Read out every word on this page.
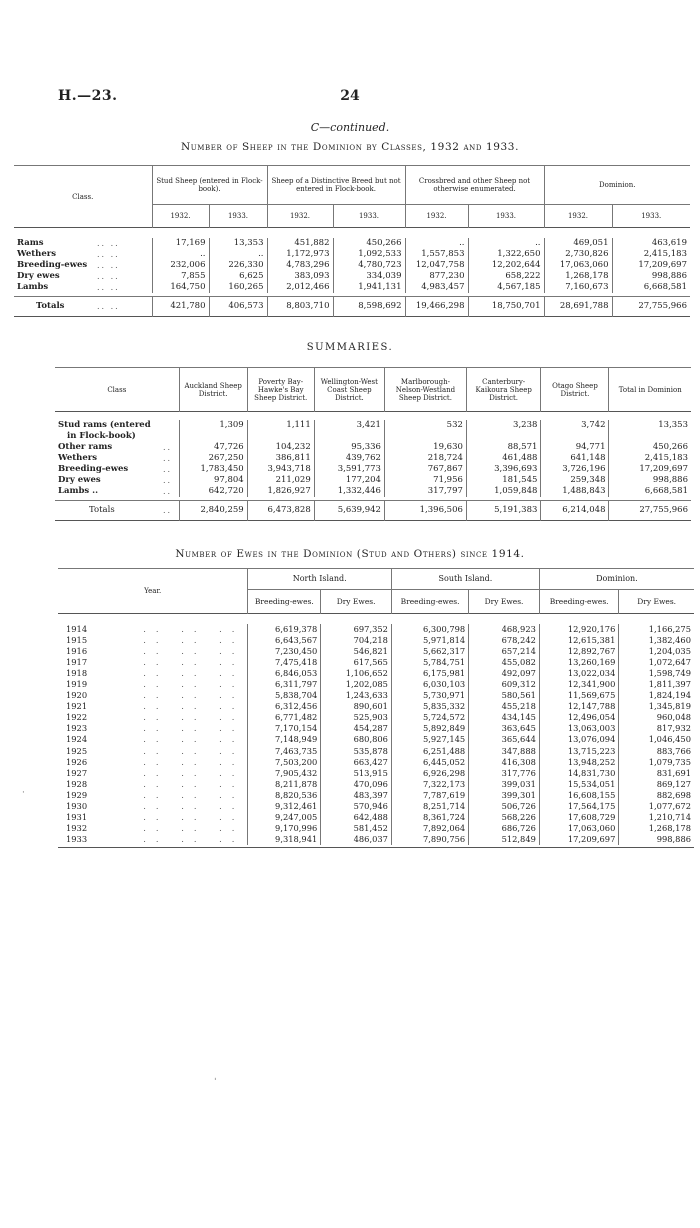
H.—23.	24
C—continued.
Number of Sheep in the Dominion by Classes, 1932 and 1933.
Class.		Stud Sheep (entered in Flock-book).		Sheep of a Distinctive Breed but not entered in Flock-book.		Crossbred and other Sheep not otherwise enumerated.		Dominion.	
		1932.	1933.	1932.	1933.	1932.	1933.	1932.	1933.

Rams	.. ..	17,169	13,353	451,882	450,266	..	..	469,051	463,619
Wethers	.. ..	..	..	1,172,973	1,092,533	1,557,853	1,322,650	2,730,826	2,415,183
Breeding-ewes	.. ..	232,006	226,330	4,783,296	4,780,723	12,047,758	12,202,644	17,063,060	17,209,697
Dry ewes	.. ..	7,855	6,625	383,093	334,039	877,230	658,222	1,268,178	998,886
Lambs	.. ..	164,750	160,265	2,012,466	1,941,131	4,983,457	4,567,185	7,160,673	6,668,581

Totals	.. ..	421,780	406,573	8,803,710	8,598,692	19,466,298	18,750,701	28,691,788	27,755,966
SUMMARIES.
Class		Auckland Sheep District.	Poverty Bay-Hawke's Bay Sheep District.	Wellington-West Coast Sheep District.	Marlborough-Nelson-Westland Sheep District.	Canterbury-Kaikoura Sheep District.	Otago Sheep District.	Total in Dominion

Stud rams (entered		1,309	1,111	3,421	532	3,238	3,742	13,353
in Flock-book)								
Other rams	..	47,726	104,232	95,336	19,630	88,571	94,771	450,266
Wethers	..	267,250	386,811	439,762	218,724	461,488	641,148	2,415,183
Breeding-ewes	..	1,783,450	3,943,718	3,591,773	767,867	3,396,693	3,726,196	17,209,697
Dry ewes	..	97,804	211,029	177,204	71,956	181,545	259,348	998,886
Lambs ..	..	642,720	1,826,927	1,332,446	317,797	1,059,848	1,488,843	6,668,581

Totals	..	2,840,259	6,473,828	5,639,942	1,396,506	5,191,383	6,214,048	27,755,966
Number of Ewes in the Dominion (Stud and Others) since 1914.
Year.		North Island.		South Island.		Dominion.	
		Breeding-ewes.	Dry Ewes.	Breeding-ewes.	Dry Ewes.	Breeding-ewes.	Dry Ewes.

1914	.. .. ..	6,619,378	697,352	6,300,798	468,923	12,920,176	1,166,275
1915	.. .. ..	6,643,567	704,218	5,971,814	678,242	12,615,381	1,382,460
1916	.. .. ..	7,230,450	546,821	5,662,317	657,214	12,892,767	1,204,035
1917	.. .. ..	7,475,418	617,565	5,784,751	455,082	13,260,169	1,072,647
1918	.. .. ..	6,846,053	1,106,652	6,175,981	492,097	13,022,034	1,598,749
1919	.. .. ..	6,311,797	1,202,085	6,030,103	609,312	12,341,900	1,811,397
1920	.. .. ..	5,838,704	1,243,633	5,730,971	580,561	11,569,675	1,824,194
1921	.. .. ..	6,312,456	890,601	5,835,332	455,218	12,147,788	1,345,819
1922	.. .. ..	6,771,482	525,903	5,724,572	434,145	12,496,054	960,048
1923	.. .. ..	7,170,154	454,287	5,892,849	363,645	13,063,003	817,932
1924	.. .. ..	7,148,949	680,806	5,927,145	365,644	13,076,094	1,046,450
1925	.. .. ..	7,463,735	535,878	6,251,488	347,888	13,715,223	883,766
1926	.. .. ..	7,503,200	663,427	6,445,052	416,308	13,948,252	1,079,735
1927	.. .. ..	7,905,432	513,915	6,926,298	317,776	14,831,730	831,691
1928	.. .. ..	8,211,878	470,096	7,322,173	399,031	15,534,051	869,127
1929	.. .. ..	8,820,536	483,397	7,787,619	399,301	16,608,155	882,698
1930	.. .. ..	9,312,461	570,946	8,251,714	506,726	17,564,175	1,077,672
1931	.. .. ..	9,247,005	642,488	8,361,724	568,226	17,608,729	1,210,714
1932	.. .. ..	9,170,996	581,452	7,892,064	686,726	17,063,060	1,268,178
1933	.. .. ..	9,318,941	486,037	7,890,756	512,849	17,209,697	998,886

·
ˈ
